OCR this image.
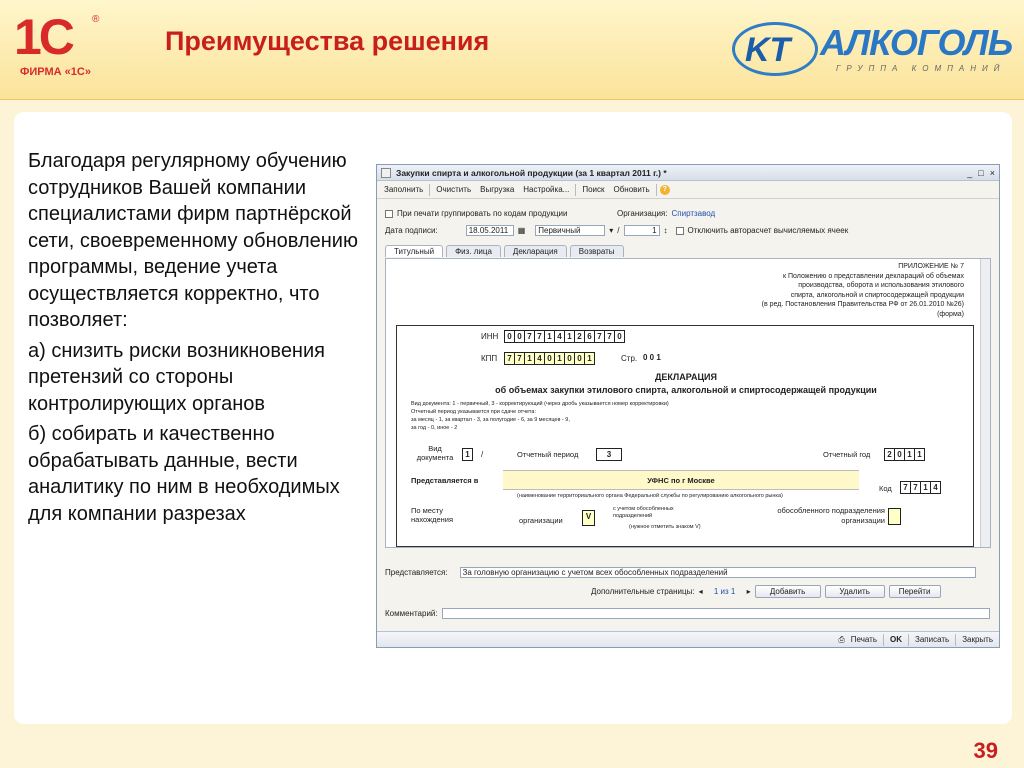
1С ®
ФИРМА «1С»
Преимущества решения	KT АЛКОГОЛЬ
ГРУППА КОМПАНИЙ

Благодаря регулярному обучению сотрудников Вашей компании специалистами фирм партнёрской сети, своевременному обновлению программы, ведение учета осуществляется корректно, что позволяет:

а) снизить риски возникновения претензий со стороны контролирующих органов

б) собирать и качественно обрабатывать данные, вести аналитику по ним в необходимых для компании разрезах

Закупки спирта и алкогольной продукции (за 1 квартал 2011 г.) *	_ □ ×
Заполнить	Очистить	Выгрузка	Настройка...	Поиск	Обновить	?
При печати группировать по кодам продукции	Организация: Спиртзавод
Дата подписи:	18.05.2011	▦	Первичный	▾ /	1 ↕	Отключить авторасчет вычисляемых ячеек
Титульный	Физ. лица	Декларация	Возвраты
ПРИЛОЖЕНИЕ № 7
к Положению о представлении деклараций об объемах
производства, оборота и использования этилового
спирта, алкогольной и спиртосодержащей продукции
(в ред. Постановления Правительства РФ от 26.01.2010 №26)
(форма)
ИНН	0 0 7 7 1 4 1 2 6 7 7 0
КПП	7 7 1 4 0 1 0 0 1	Стр. 0 0 1
ДЕКЛАРАЦИЯ
об объемах закупки этилового спирта, алкогольной и спиртосодержащей продукции
Вид документа: 1 - первичный, 3 - корректирующий (через дробь указывается номер корректировки)
Отчетный период указывается при сдаче отчета:
за месяц - 1, за квартал - 3, за полугодие - 6, за 9 месяцев - 9,
за год - 0, иное - 2
Вид документа	1	/	Отчетный период	3	Отчетный год	2 0 1 1
Представляется в	УФНС по г Москве
(наименование территориального органа Федеральной службы по регулированию алкогольного рынка)
Код	7 7 1 4
По месту нахождения	организации	V
с учетом обособленных подразделений
(нужное отметить знаком V)
обособленного подразделения организации
Представляется:	За головную организацию с учетом всех обособленных подразделений
Дополнительные страницы: ◂	1 из 1	▸	Добавить	Удалить	Перейти
Комментарий:
⎙ Печать OK Записать Закрыть
39
